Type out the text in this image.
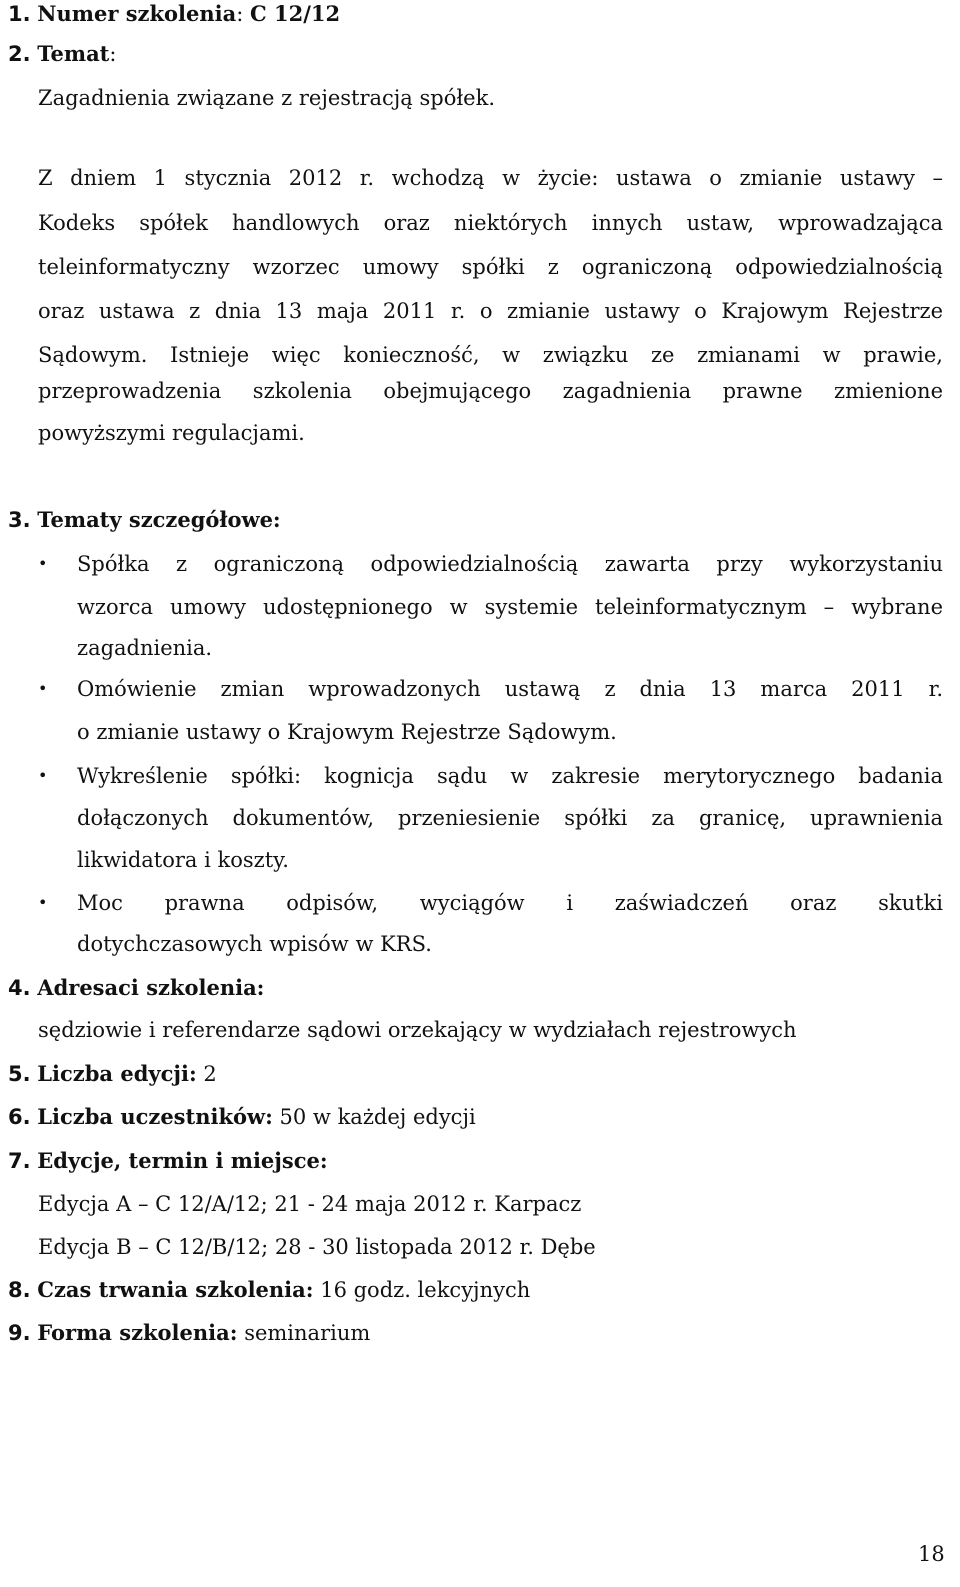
1. Numer szkolenia: C 12/12
2. Temat:
Zagadnienia związane z rejestracją spółek.
Z dniem 1 stycznia 2012 r. wchodzą w życie: ustawa o zmianie ustawy –
Kodeks spółek handlowych oraz niektórych innych ustaw, wprowadzająca
teleinformatyczny wzorzec umowy spółki z ograniczoną odpowiedzialnością
oraz ustawa z dnia 13 maja 2011 r. o zmianie ustawy o Krajowym Rejestrze
Sądowym. Istnieje więc konieczność, w związku ze zmianami w prawie,
przeprowadzenia szkolenia obejmującego zagadnienia prawne zmienione
powyższymi regulacjami.
3. Tematy szczegółowe:
• Spółka z ograniczoną odpowiedzialnością zawarta przy wykorzystaniu
wzorca umowy udostępnionego w systemie teleinformatycznym – wybrane
zagadnienia.
• Omówienie zmian wprowadzonych ustawą z dnia 13 marca 2011 r.
o zmianie ustawy o Krajowym Rejestrze Sądowym.
• Wykreślenie spółki: kognicja sądu w zakresie merytorycznego badania
dołączonych dokumentów, przeniesienie spółki za granicę, uprawnienia
likwidatora i koszty.
• Moc prawna odpisów, wyciągów i zaświadczeń oraz skutki
dotychczasowych wpisów w KRS.
4. Adresaci szkolenia:
sędziowie i referendarze sądowi orzekający w wydziałach rejestrowych
5. Liczba edycji: 2
6. Liczba uczestników: 50 w każdej edycji
7. Edycje, termin i miejsce:
Edycja A – C 12/A/12; 21 - 24 maja 2012 r. Karpacz
Edycja B – C 12/B/12; 28 - 30 listopada 2012 r. Dębe
8. Czas trwania szkolenia: 16 godz. lekcyjnych
9. Forma szkolenia: seminarium
18
